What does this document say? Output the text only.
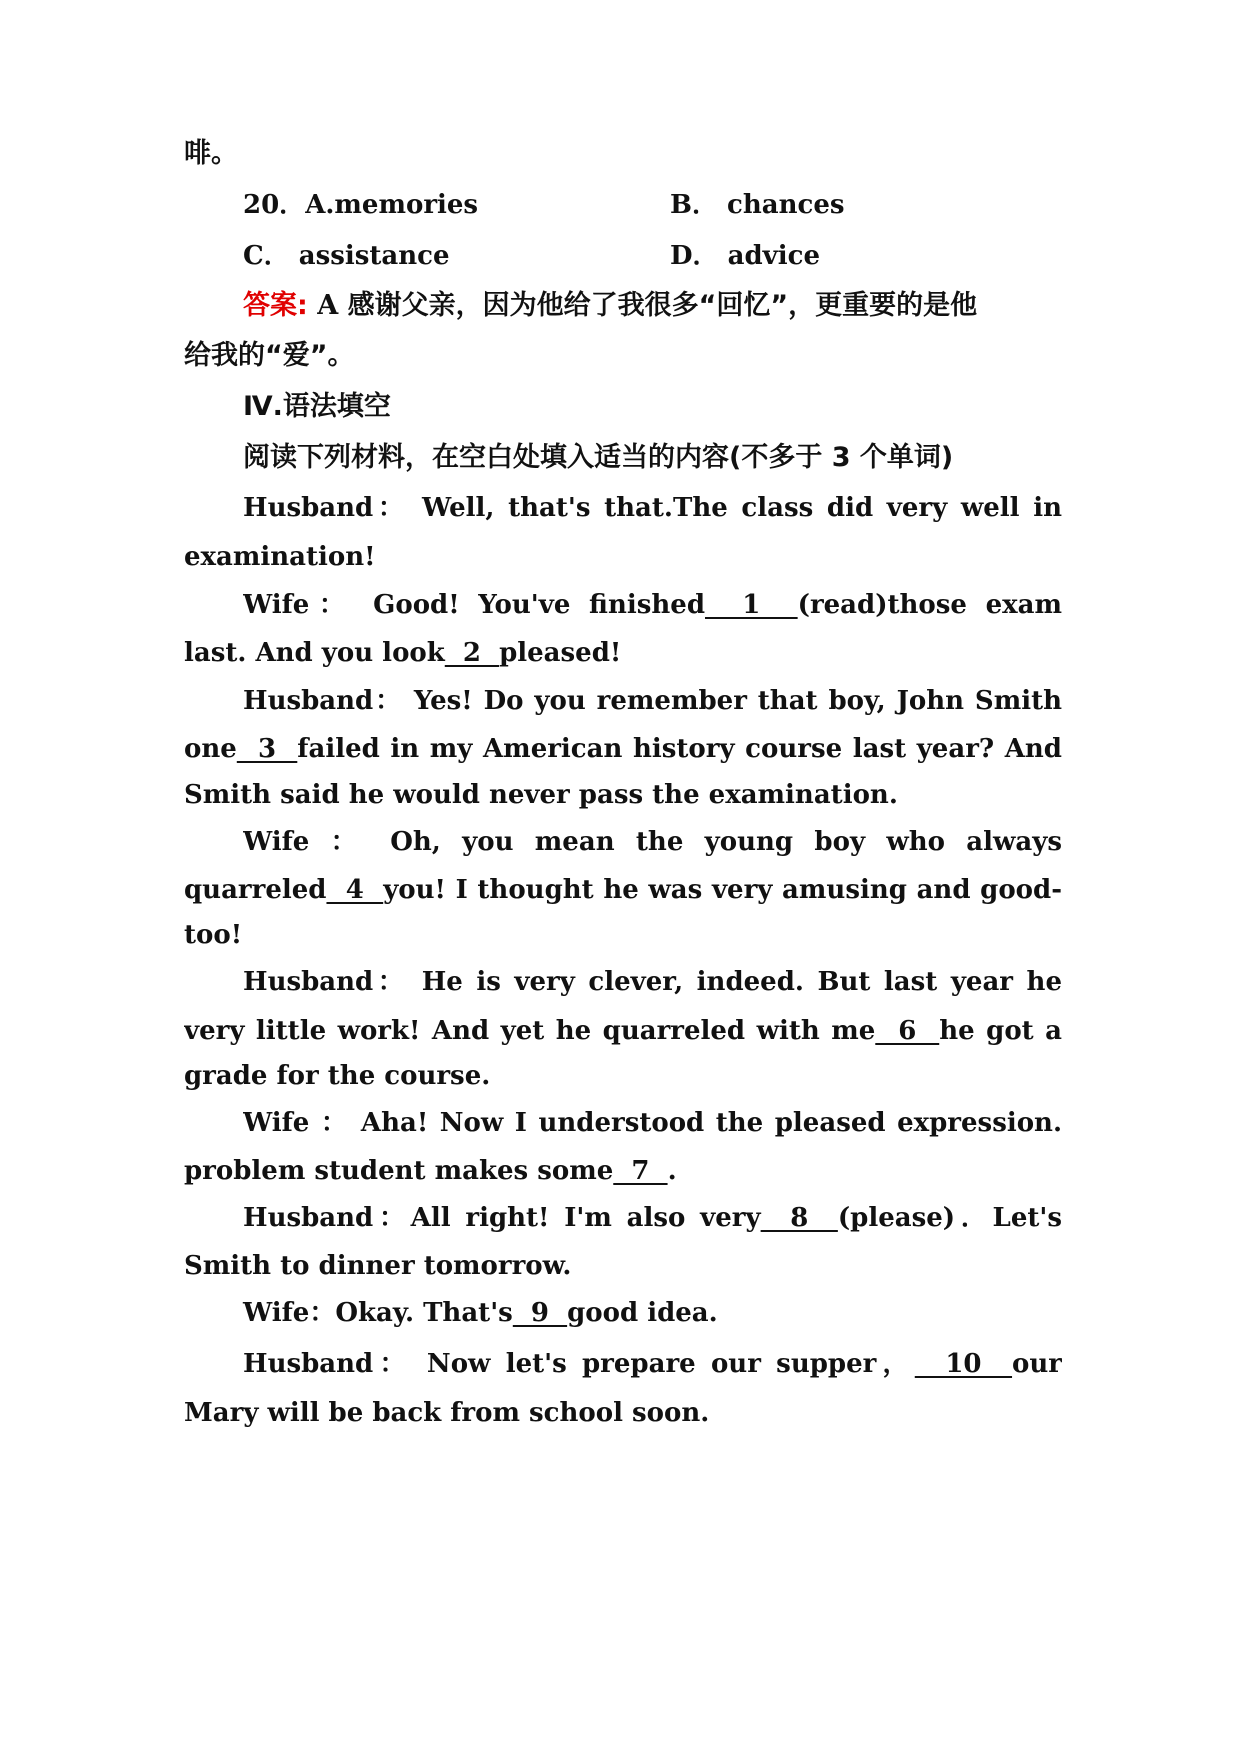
啡。
20．A.memories	B． chances
C． assistance	D． advice
答案: A 感谢父亲，因为他给了我很多“回忆”，更重要的是他
给我的“爱”。
Ⅳ.语法填空
阅读下列材料，在空白处填入适当的内容(不多于 3 个单词)
Husband： Well, that's that.The class did very well in
examination!
Wife： Good! You've finished  1  (read)those exam
last. And you look  2  pleased!
Husband： Yes! Do you remember that boy, John Smith
one  3  failed in my American history course last year? And
Smith said he would never pass the examination.
Wife ： Oh, you mean the young boy who always
quarreled  4  you! I thought he was very amusing and good-
too!
Husband： He is very clever, indeed. But last year he
very little work! And yet he quarreled with me  6  he got a
grade for the course.
Wife ： Aha! Now I understood the pleased expression.
problem student makes some  7  .
Husband：All right! I'm also very  8  (please)．Let's
Smith to dinner tomorrow.
Wife：Okay. That's  9  good idea.
Husband： Now let's prepare our supper，  10  our
Mary will be back from school soon.
